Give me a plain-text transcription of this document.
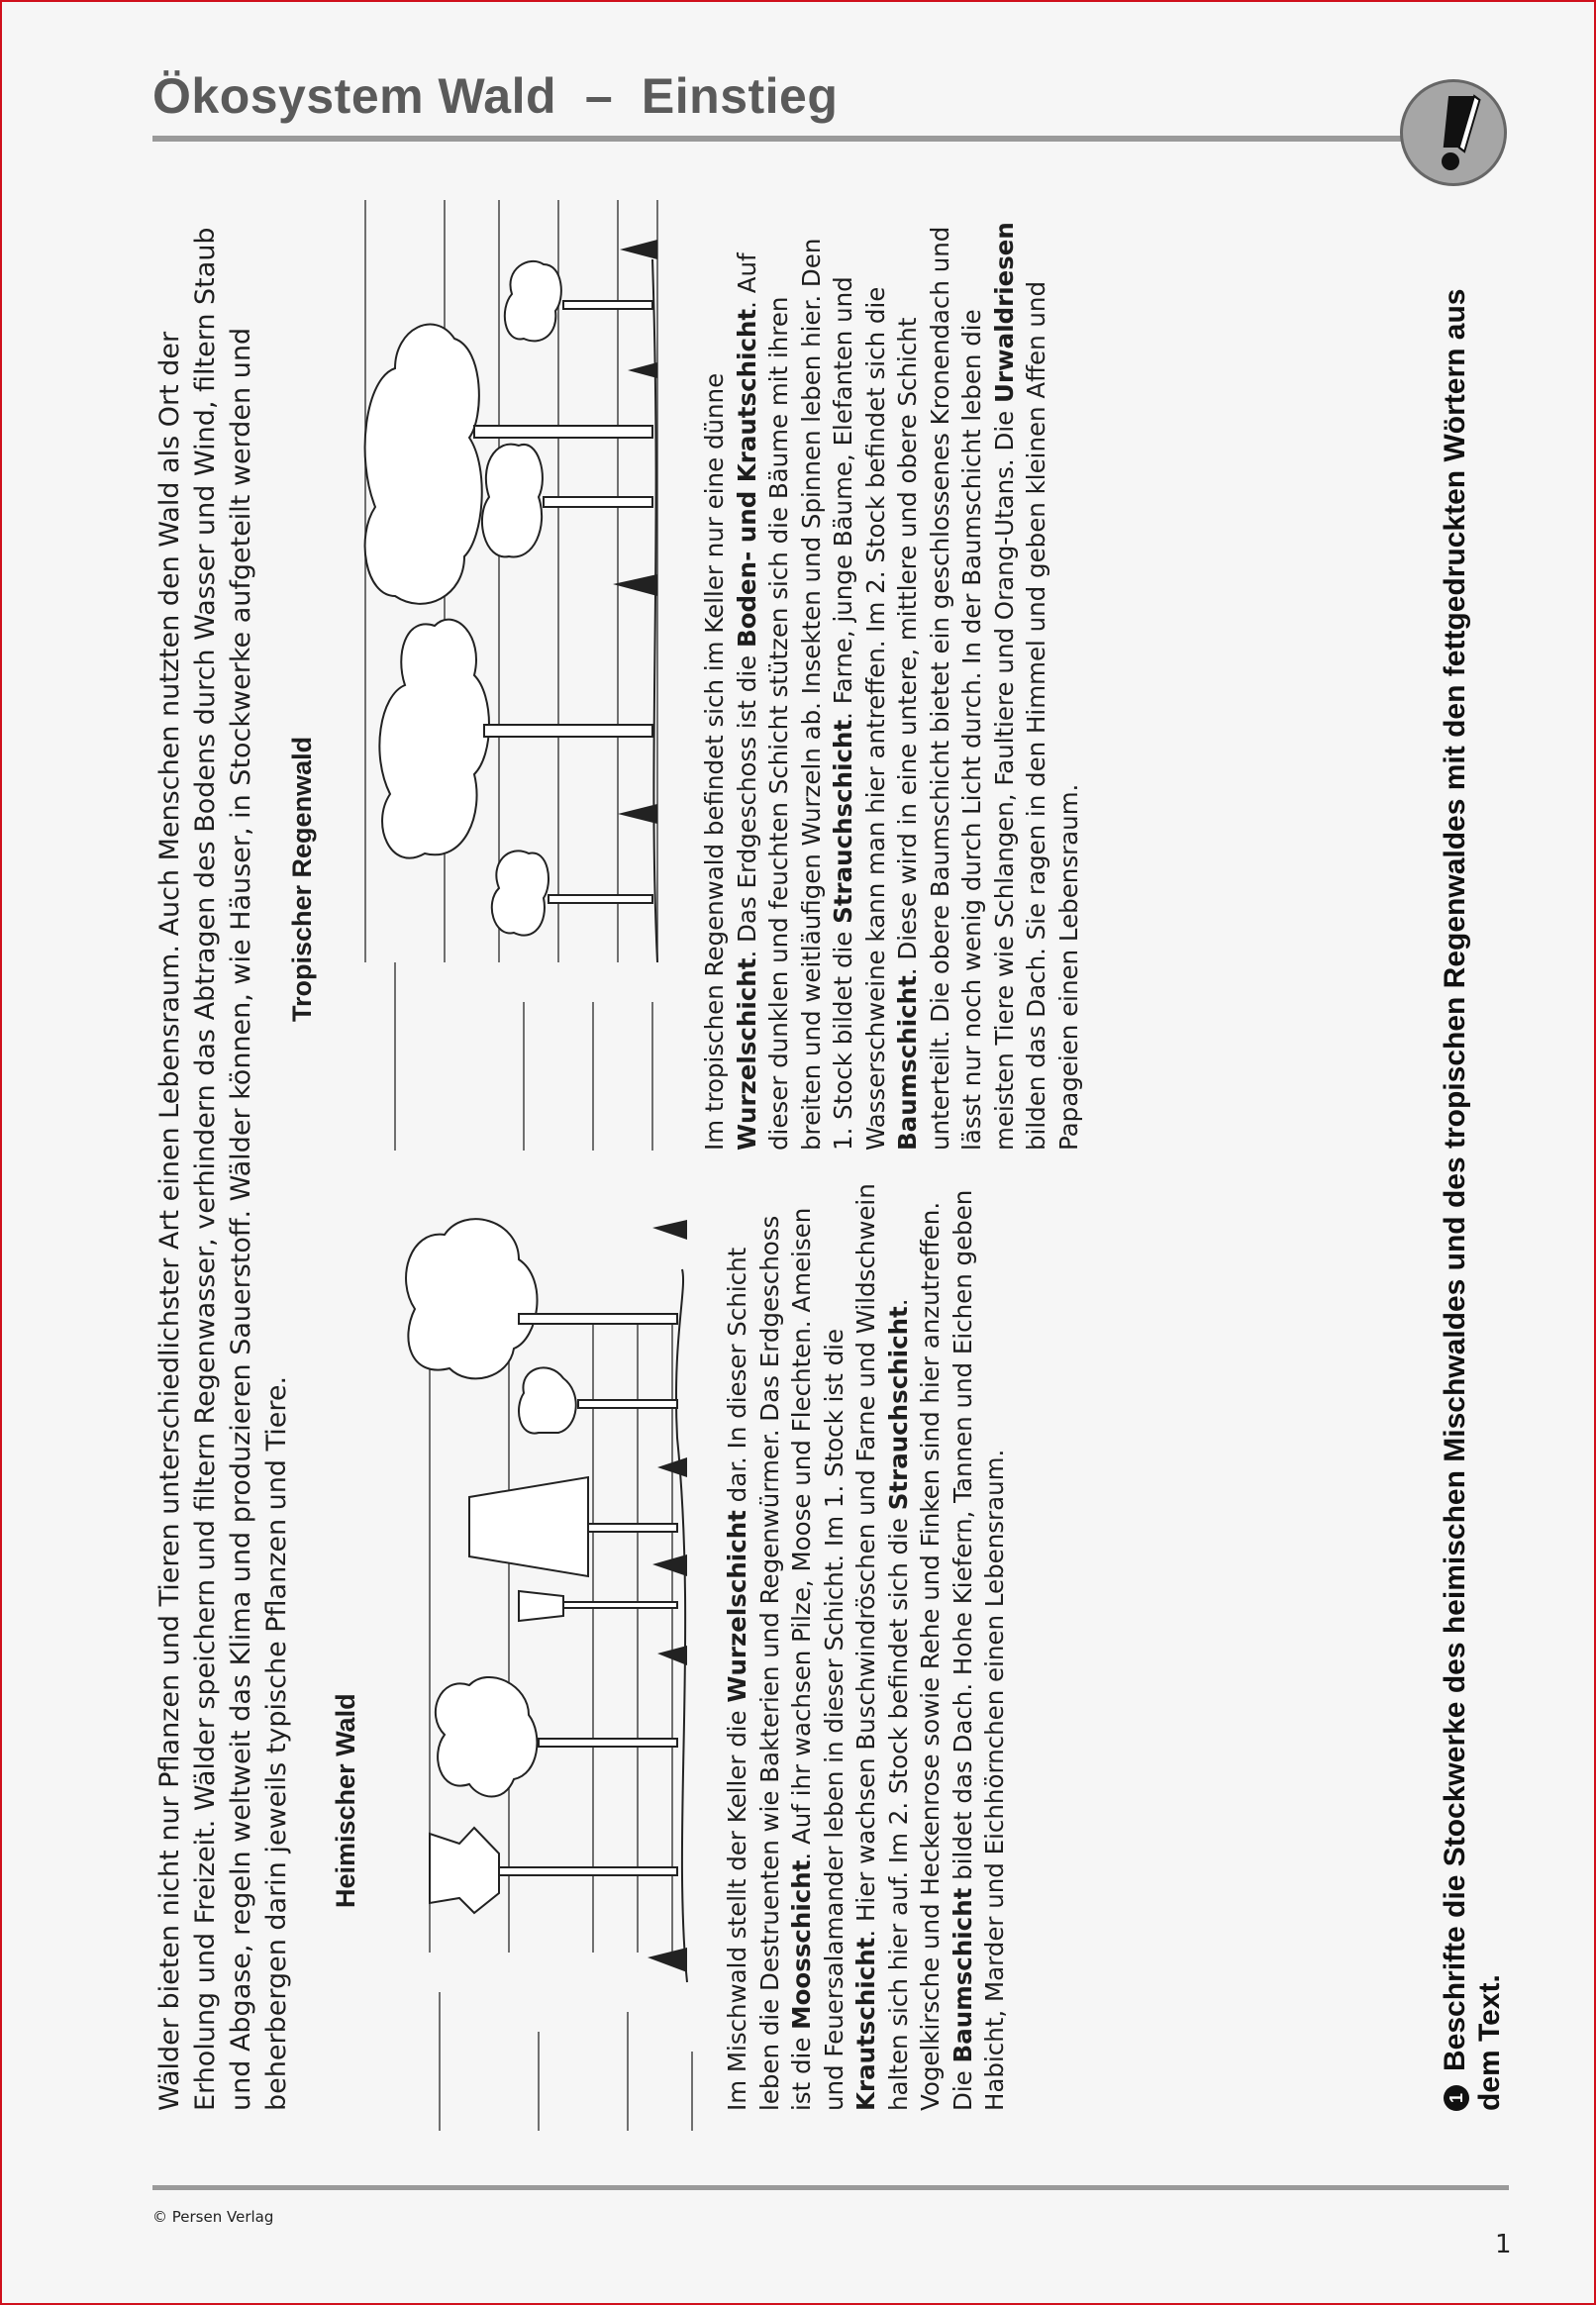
Ökosystem Wald  –  Einstieg

Wälder bieten nicht nur Pflanzen und Tieren unterschiedlichster Art einen Lebensraum. Auch Menschen nutzten den Wald als Ort der Erholung und Freizeit. Wälder speichern und filtern Regenwasser, verhindern das Abtragen des Bodens durch Wasser und Wind, filtern Staub und Abgase, regeln weltweit das Klima und produzieren Sauerstoff. Wälder können, wie Häuser, in Stockwerke aufgeteilt werden und beherbergen darin jeweils typische Pflanzen und Tiere. Heimischer Wald	Im Mischwald stellt der Keller die Wurzelschicht dar. In dieser Schicht leben die Destruenten wie Bakterien und Regenwürmer. Das Erdgeschoss ist die Moosschicht. Auf ihr wachsen Pilze, Moose und Flechten. Ameisen und Feuersalamander leben in dieser Schicht. Im 1. Stock ist die Krautschicht. Hier wachsen Buschwindröschen und Farne und Wildschwein halten sich hier auf. Im 2. Stock befindet sich die Strauchschicht. Vogelkirsche und Heckenrose sowie Rehe und Finken sind hier anzutreffen. Die Baumschicht bildet das Dach. Hohe Kiefern, Tannen und Eichen geben Habicht, Marder und Eichhörnchen einen Lebensraum.

Tropischer Regenwald	Im tropischen Regenwald befindet sich im Keller nur eine dünne Wurzelschicht. Das Erdgeschoss ist die Boden- und Krautschicht. Auf dieser dunklen und feuchten Schicht stützen sich die Bäume mit ihren breiten und weitläufigen Wurzeln ab. Insekten und Spinnen leben hier. Den 1. Stock bildet die Strauchschicht. Farne, junge Bäume, Elefanten und Wasserschweine kann man hier antreffen. Im 2. Stock befindet sich die Baumschicht. Diese wird in eine untere, mittlere und obere Schicht unterteilt. Die obere Baumschicht bietet ein geschlossenes Kronendach und lässt nur noch wenig durch Licht durch. In der Baumschicht leben die meisten Tiere wie Schlangen, Faultiere und Orang-Utans. Die Urwaldriesen bilden das Dach. Sie ragen in den Himmel und geben kleinen Affen und Papageien einen Lebensraum.

1Beschrifte die Stockwerke des heimischen Mischwaldes und des tropischen Regenwaldes mit den fettgedruckten Wörtern aus dem Text.
© Persen Verlag
1
